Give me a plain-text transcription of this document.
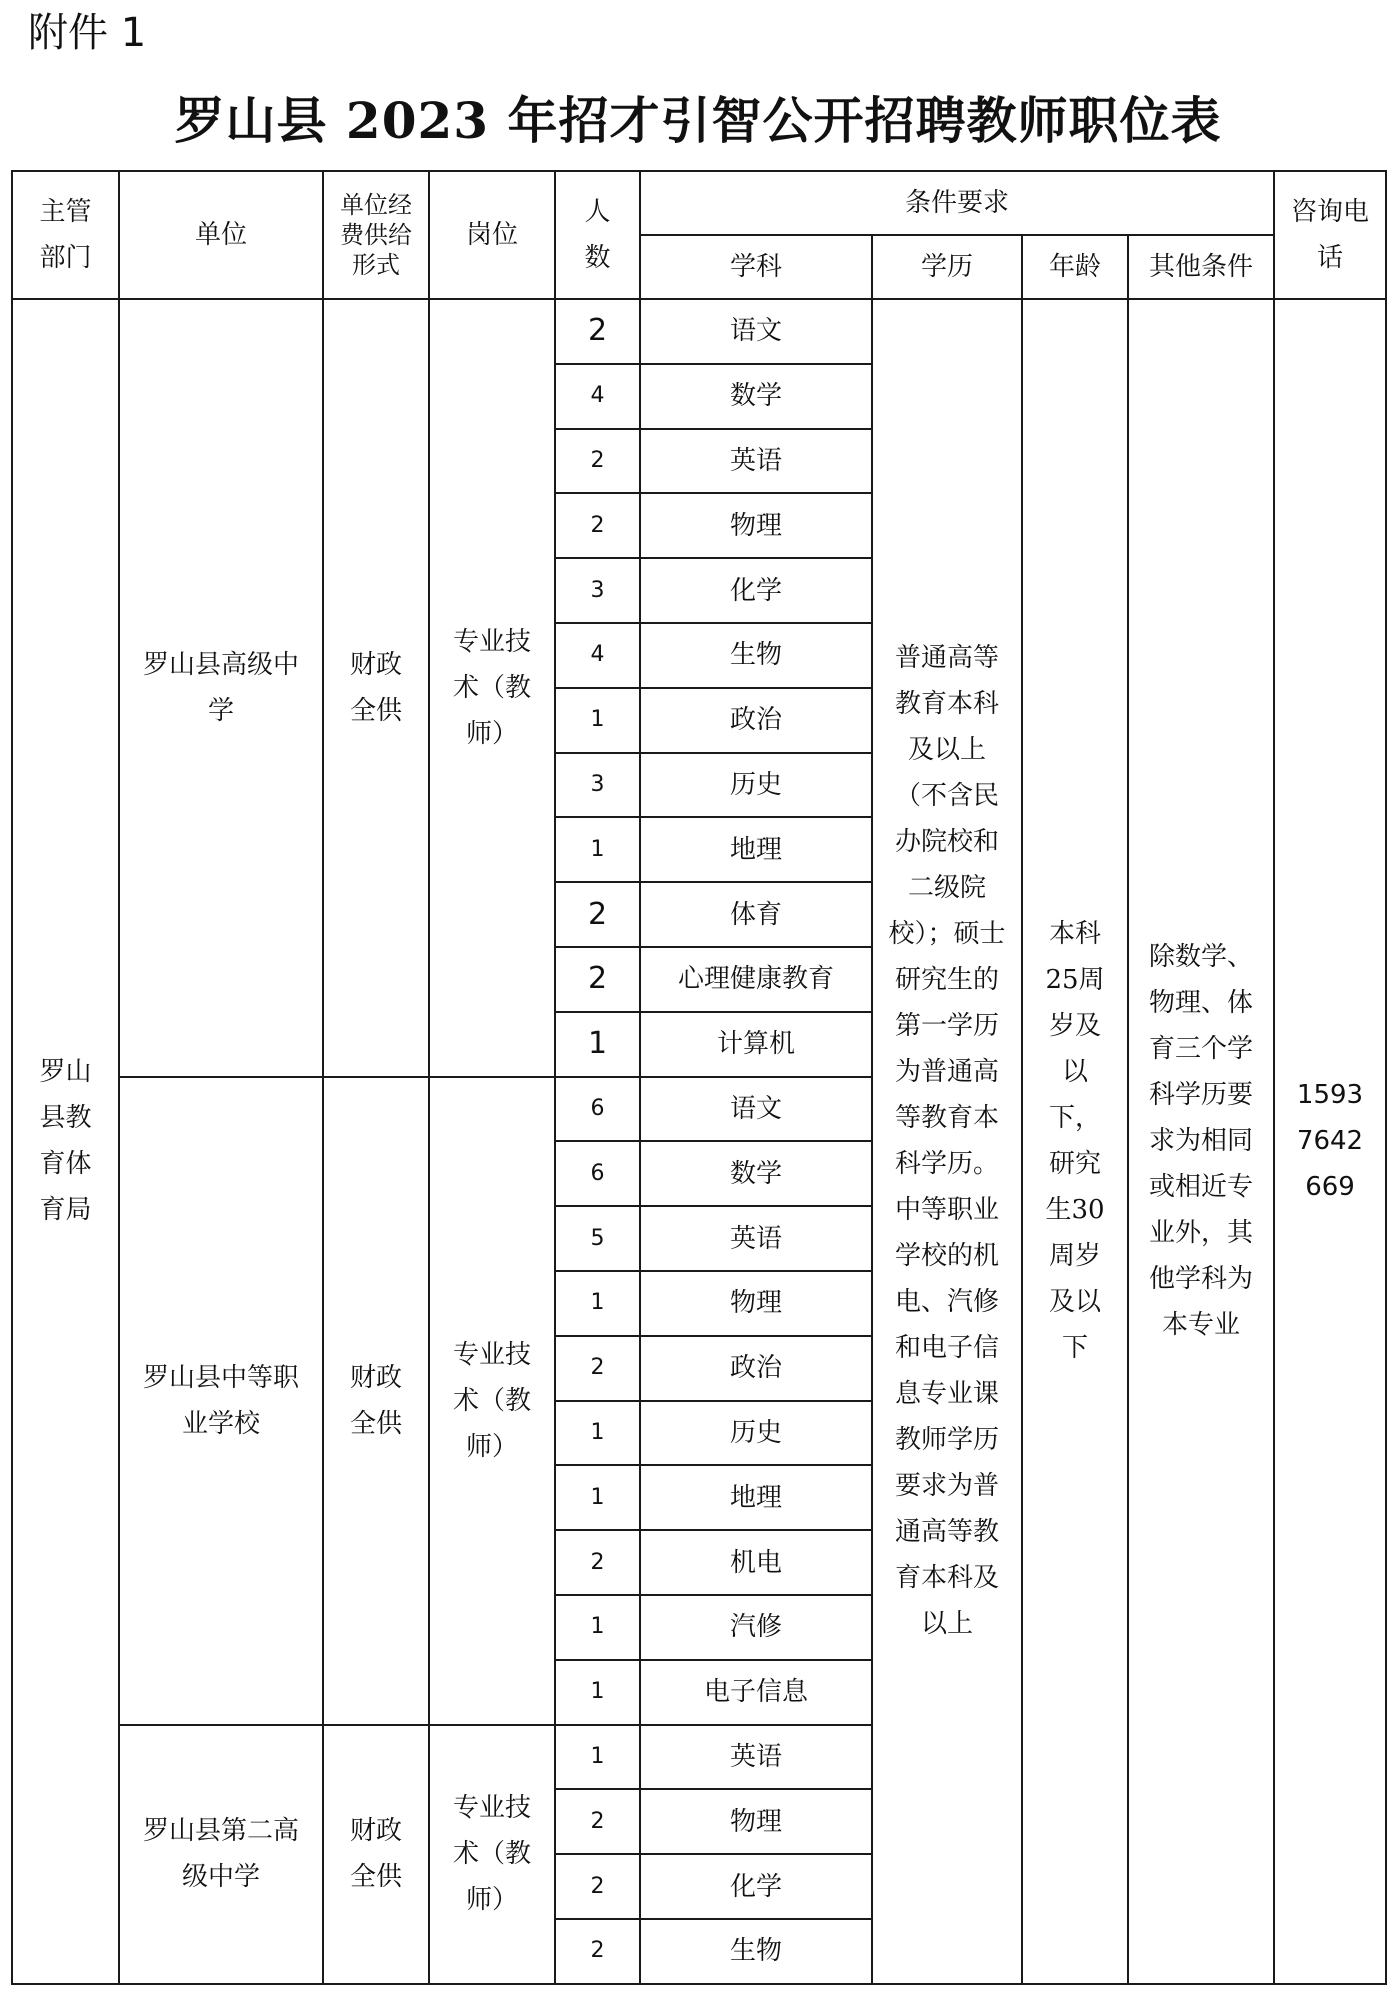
附件 1
罗山县 2023 年招才引智公开招聘教师职位表
主管部门	单位	单位经费供给形式	岗位	人数	条件要求				咨询电话
					学科	学历	年龄	其他条件	
罗山县教育体育局	罗山县高级中学	财政全供	专业技术（教师）	2	语文	普通高等教育本科及以上（不含民办院校和二级院校）；硕士研究生的第一学历为普通高等教育本科学历。中等职业学校的机电、汽修和电子信息专业课教师学历要求为普通高等教育本科及以上	本科25周岁及以下，研究生30周岁及以下	除数学、物理、体育三个学科学历要求为相同或相近专业外，其他学科为本专业	15937642669
				4	数学				
				2	英语				
				2	物理				
				3	化学				
				4	生物				
				1	政治				
				3	历史				
				1	地理				
				2	体育				
				2	心理健康教育				
				1	计算机				
	罗山县中等职业学校	财政全供	专业技术（教师）	6	语文				
				6	数学				
				5	英语				
				1	物理				
				2	政治				
				1	历史				
				1	地理				
				2	机电				
				1	汽修				
				1	电子信息				
	罗山县第二高级中学	财政全供	专业技术（教师）	1	英语				
				2	物理				
				2	化学				
				2	生物				
